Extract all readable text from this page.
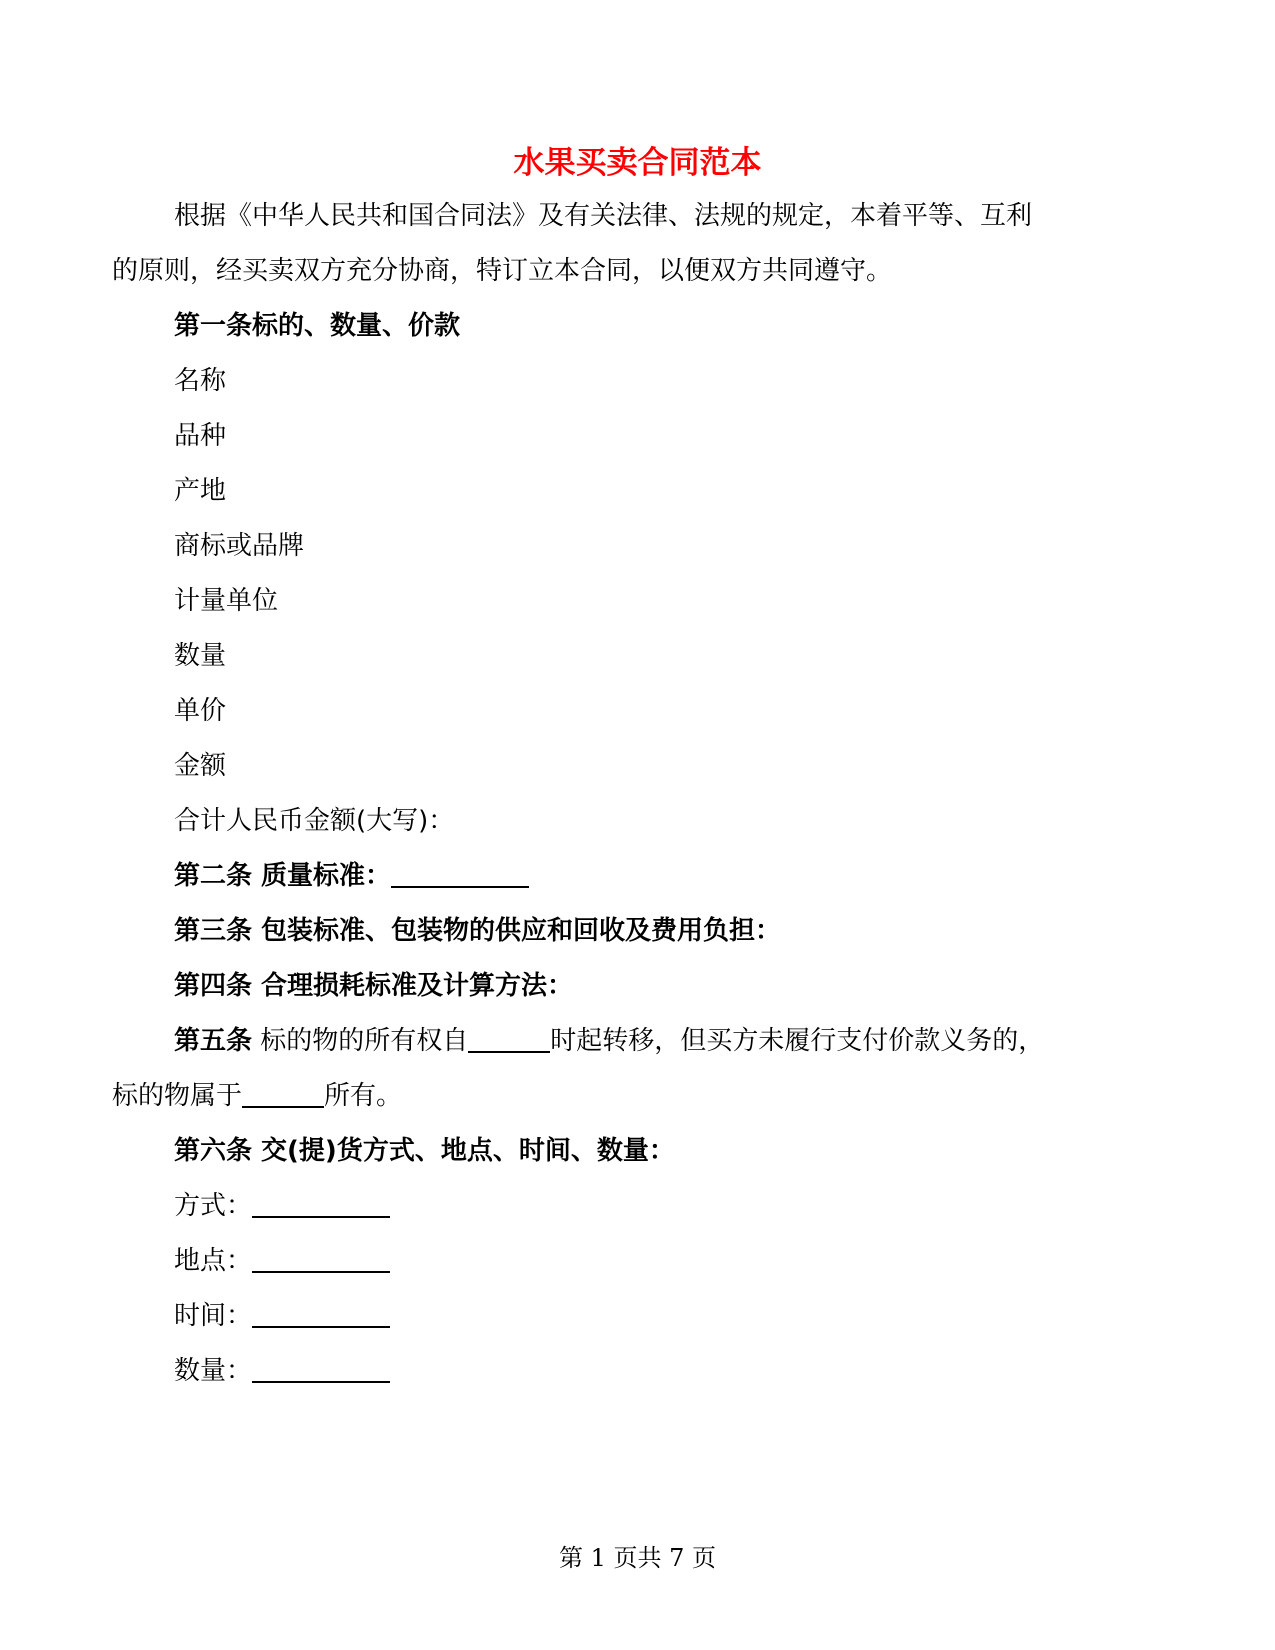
水果买卖合同范本
根据《中华人民共和国合同法》及有关法律、法规的规定，本着平等、互利
的原则，经买卖双方充分协商，特订立本合同，以便双方共同遵守。
第一条标的、数量、价款
名称
品种
产地
商标或品牌
计量单位
数量
单价
金额
合计人民币金额(大写)：
第二条 质量标准：
第三条 包装标准、包装物的供应和回收及费用负担：
第四条 合理损耗标准及计算方法：
第五条 标的物的所有权自	时起转移，但买方未履行支付价款义务的，
标的物属于	所有。
第六条 交(提)货方式、地点、时间、数量：
方式：
地点：
时间：
数量：
第 1 页共 7 页
